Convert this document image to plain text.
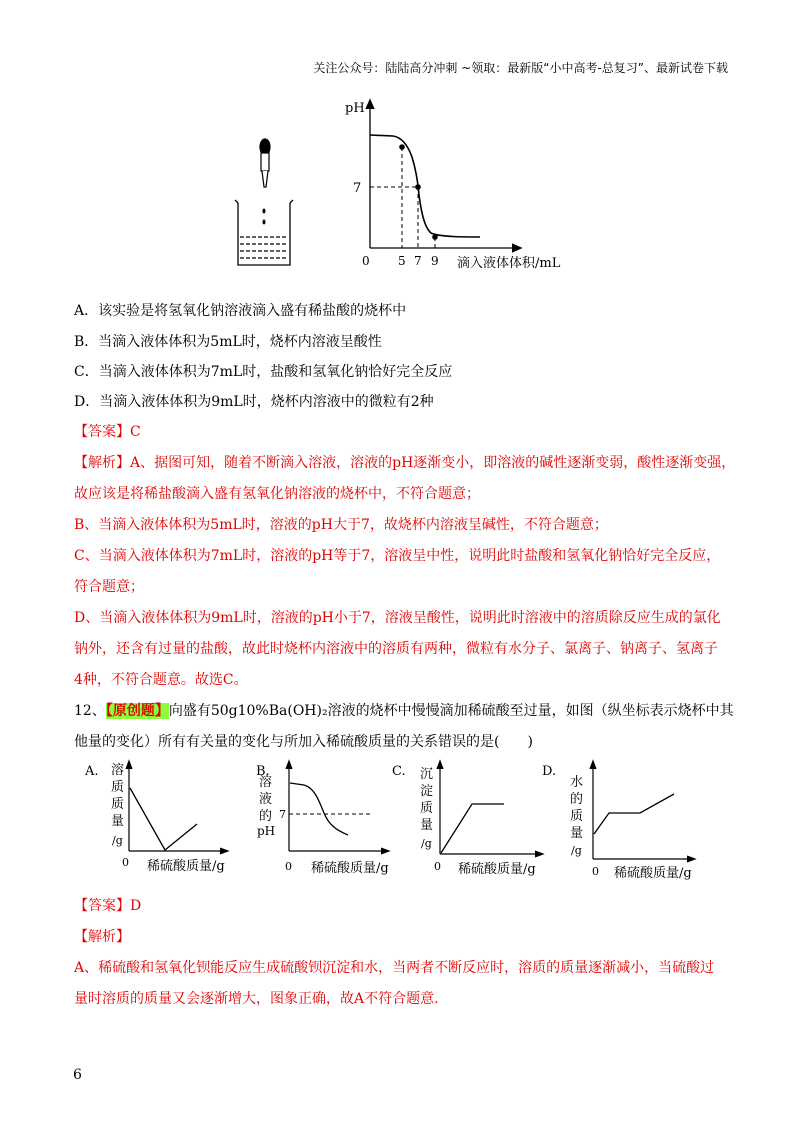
关注公众号：陆陆高分冲刺 ~领取：最新版“小中高考-总复习”、最新试卷下载
pH
7
0 5 7 9 滴入液体体积/mL
A．该实验是将氢氧化钠溶液滴入盛有稀盐酸的烧杯中
B．当滴入液体体积为5mL时，烧杯内溶液呈酸性
C．当滴入液体体积为7mL时，盐酸和氢氧化钠恰好完全反应
D．当滴入液体体积为9mL时，烧杯内溶液中的微粒有2种
【答案】C
【解析】A、据图可知，随着不断滴入溶液，溶液的pH逐渐变小，即溶液的碱性逐渐变弱，酸性逐渐变强，
故应该是将稀盐酸滴入盛有氢氧化钠溶液的烧杯中，不符合题意；
B、当滴入液体体积为5mL时，溶液的pH大于7，故烧杯内溶液呈碱性，不符合题意；
C、当滴入液体体积为7mL时，溶液的pH等于7，溶液呈中性，说明此时盐酸和氢氧化钠恰好完全反应，
符合题意；
D、当滴入液体体积为9mL时，溶液的pH小于7，溶液呈酸性，说明此时溶液中的溶质除反应生成的氯化
钠外，还含有过量的盐酸，故此时烧杯内溶液中的溶质有两种，微粒有水分子、氯离子、钠离子、氢离子
4种，不符合题意。故选C。
12、【原创题】向盛有50g10%Ba(OH)₂溶液的烧杯中慢慢滴加稀硫酸至过量，如图（纵坐标表示烧杯中其
他量的变化）所有有关量的变化与所加入稀硫酸质量的关系错误的是(　　)
A. 溶
质
质
量
/g
0 稀硫酸质量/g
B.
溶
液
的
pH
7
0 稀硫酸质量/g
C. 沉
淀
质
量
/g
0 稀硫酸质量/g
D.
水
的
质
量
/g
0 稀硫酸质量/g
【答案】D
【解析】
A、稀硫酸和氢氧化钡能反应生成硫酸钡沉淀和水，当两者不断反应时，溶质的质量逐渐减小，当硫酸过
量时溶质的质量又会逐渐增大，图象正确，故A不符合题意.
6
